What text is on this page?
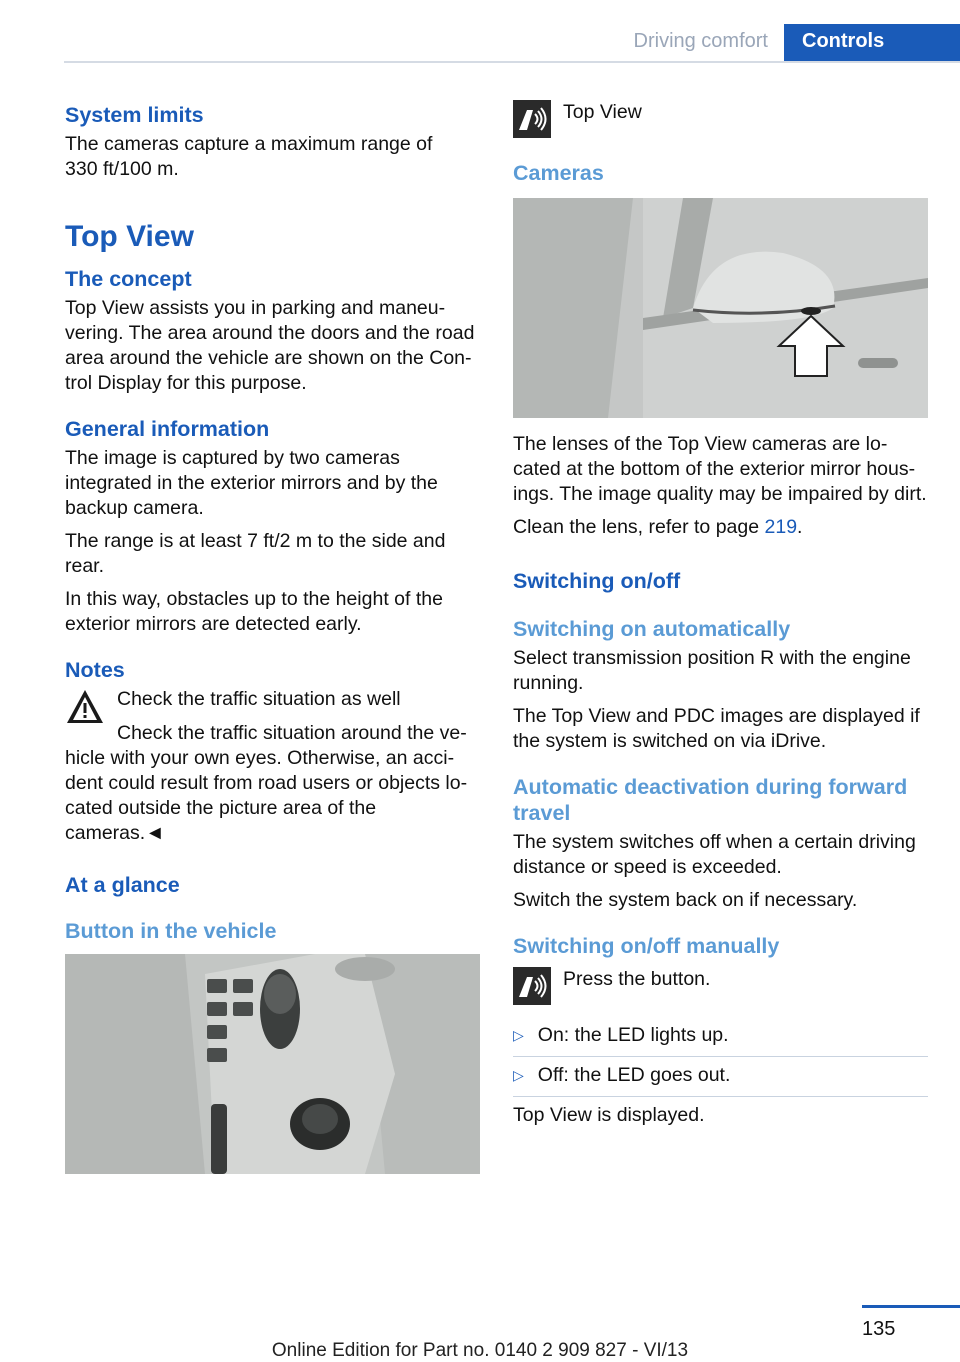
Driving comfort	Controls
System limits

The cameras capture a maximum range of 330 ft/100 m.

Top View
The concept

Top View assists you in parking and maneu‐vering. The area around the doors and the road area around the vehicle are shown on the Con‐trol Display for this purpose.

General information

The image is captured by two cameras integrated in the exterior mirrors and by the backup camera.

The range is at least 7 ft/2 m to the side and rear.

In this way, obstacles up to the height of the exterior mirrors are detected early.

Notes

Check the traffic situation as well

Check the traffic situation around the ve‐hicle with your own eyes. Otherwise, an acci‐dent could result from road users or objects lo‐cated outside the picture area of the cameras.◄

At a glance
Button in the vehicle

Top View

Cameras

The lenses of the Top View cameras are lo‐cated at the bottom of the exterior mirror hous‐ings. The image quality may be impaired by dirt.

Clean the lens, refer to page 219.

Switching on/off
Switching on automatically

Select transmission position R with the engine running.

The Top View and PDC images are displayed if the system is switched on via iDrive.

Automatic deactivation during forward travel

The system switches off when a certain driving distance or speed is exceeded.

Switch the system back on if necessary.

Switching on/off manually

Press the button.

▷ On: the LED lights up.
▷ Off: the LED goes out.

Top View is displayed.

135
Online Edition for Part no. 0140 2 909 827 - VI/13
